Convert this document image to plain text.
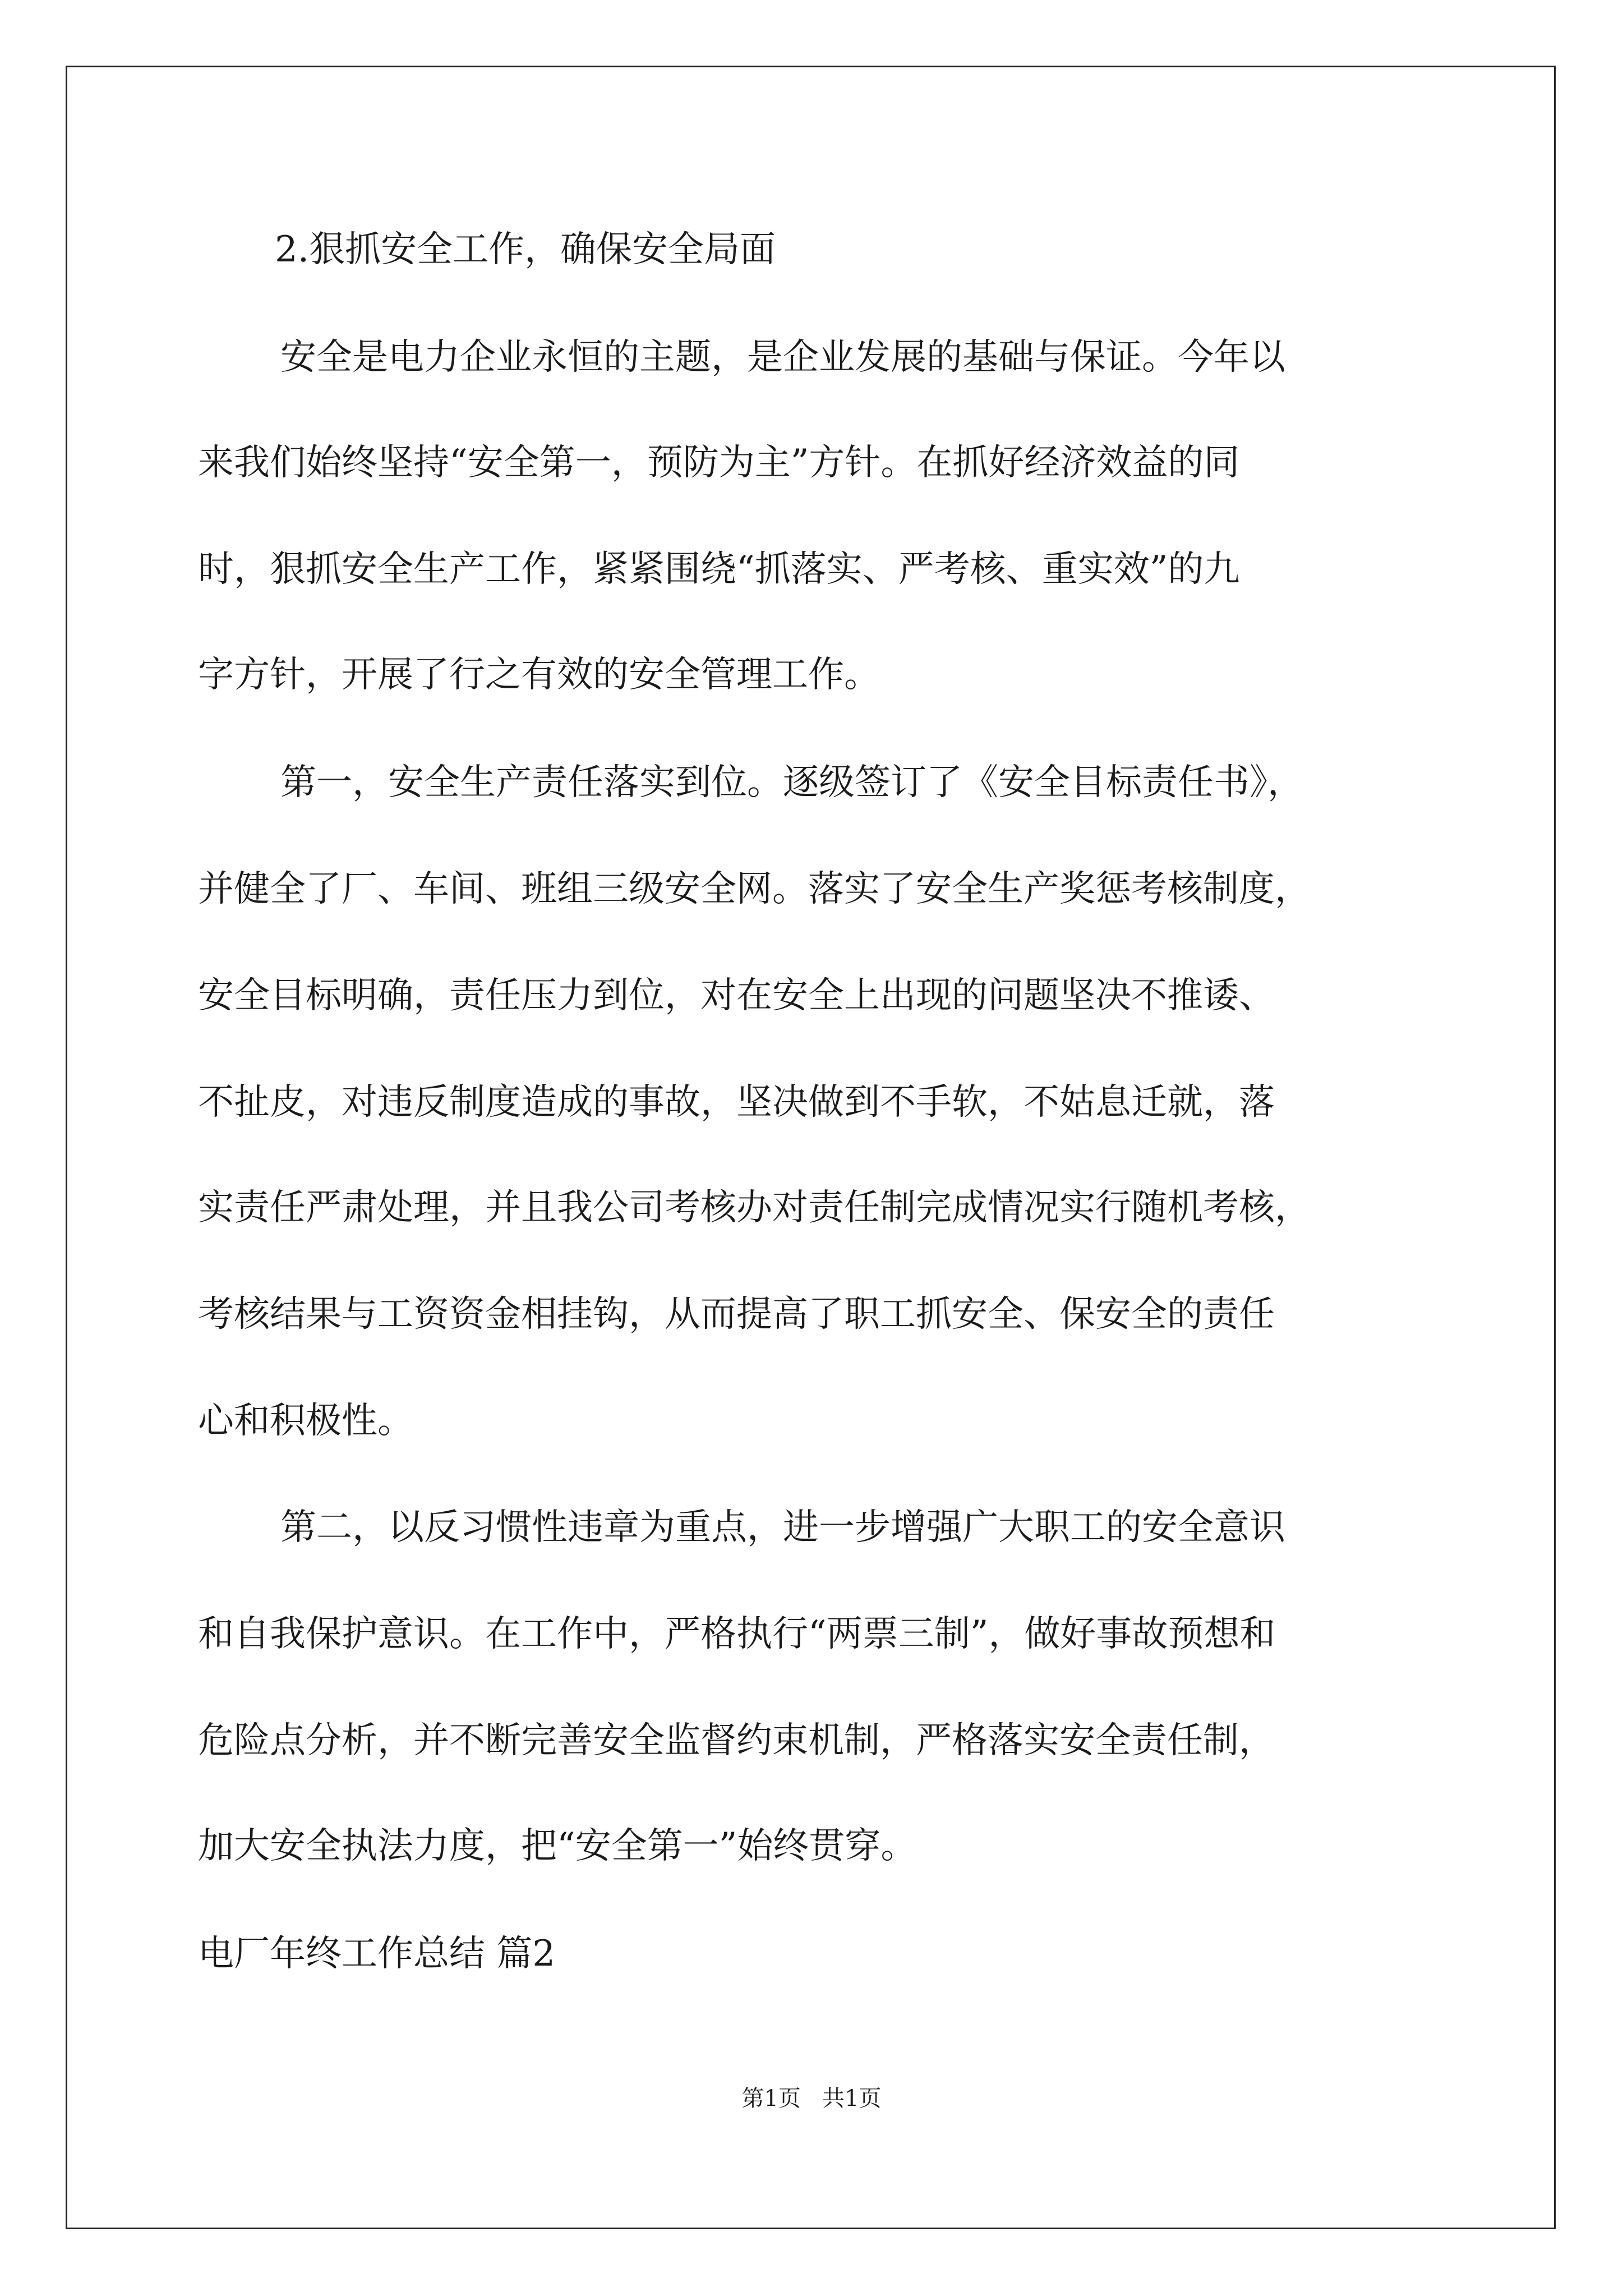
2.狠抓安全工作，确保安全局面

安全是电力企业永恒的主题，是企业发展的基础与保证。今年以

来我们始终坚持“安全第一，预防为主”方针。在抓好经济效益的同

时，狠抓安全生产工作，紧紧围绕“抓落实、严考核、重实效”的九

字方针，开展了行之有效的安全管理工作。

第一，安全生产责任落实到位。逐级签订了《安全目标责任书》，

并健全了厂、车间、班组三级安全网。落实了安全生产奖惩考核制度，

安全目标明确，责任压力到位，对在安全上出现的问题坚决不推诿、

不扯皮，对违反制度造成的事故，坚决做到不手软，不姑息迁就，落

实责任严肃处理，并且我公司考核办对责任制完成情况实行随机考核，

考核结果与工资资金相挂钩，从而提高了职工抓安全、保安全的责任

心和积极性。

第二，以反习惯性违章为重点，进一步增强广大职工的安全意识

和自我保护意识。在工作中，严格执行“两票三制”，做好事故预想和

危险点分析，并不断完善安全监督约束机制，严格落实安全责任制，

加大安全执法力度，把“安全第一”始终贯穿。

电厂年终工作总结 篇2

第1页   共1页
